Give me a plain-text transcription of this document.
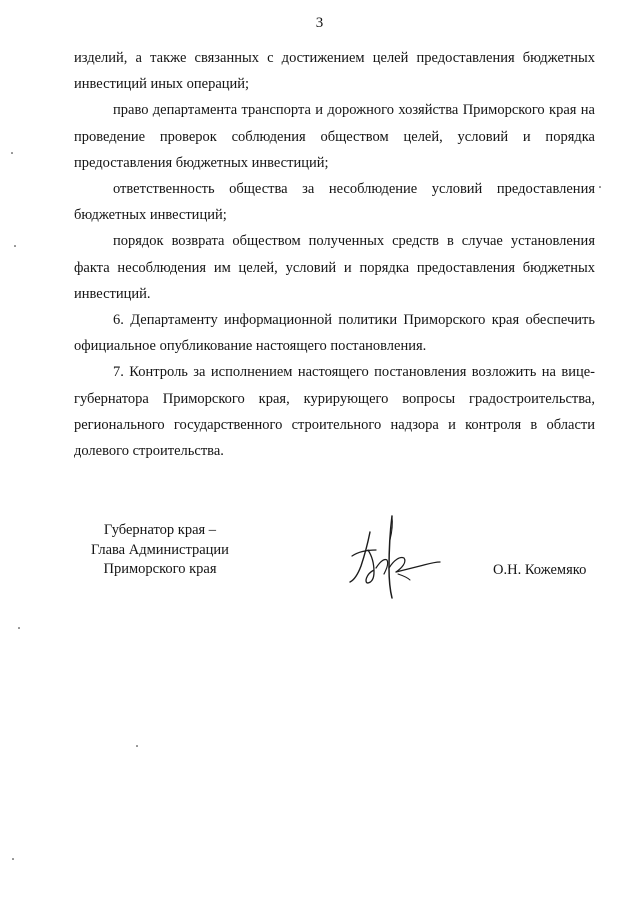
3

изделий, а также связанных с достижением целей предоставления бюджетных инвестиций иных операций;

право департамента транспорта и дорожного хозяйства Приморского края на проведение проверок соблюдения обществом целей, условий и порядка предоставления бюджетных инвестиций;

ответственность общества за несоблюдение условий предоставления бюджетных инвестиций;

порядок возврата обществом полученных средств в случае установления факта несоблюдения им целей, условий и порядка предоставления бюджетных инвестиций.

6. Департаменту информационной политики Приморского края обеспечить официальное опубликование настоящего постановления.

7. Контроль за исполнением настоящего постановления возложить на вице-губернатора Приморского края, курирующего вопросы градостроительства, регионального государственного строительного надзора и контроля в области долевого строительства.

Губернатор края –
Глава Администрации
Приморского края	О.Н. Кожемяко
